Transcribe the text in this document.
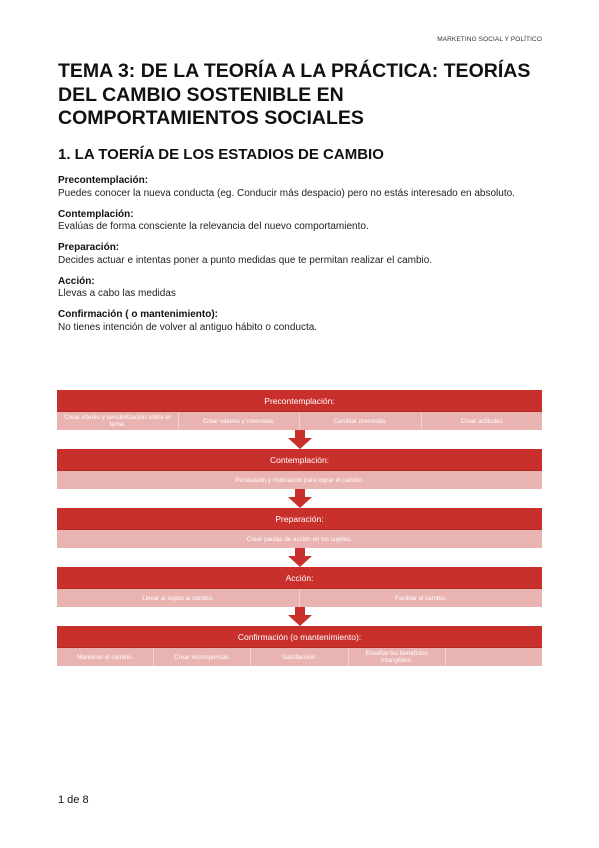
MARKETING SOCIAL Y POLÍTICO
TEMA 3: DE LA TEORÍA A LA PRÁCTICA: TEORÍAS DEL CAMBIO SOSTENIBLE EN COMPORTAMIENTOS SOCIALES
1. LA TOERÍA DE LOS ESTADIOS DE CAMBIO
Precontemplación:
Puedes conocer la nueva conducta (eg. Conducir más despacio) pero no estás interesado en absoluto.
Contemplación:
Evalúas de forma consciente la relevancia del nuevo comportamiento.
Preparación:
Decides actuar e intentas poner a punto medidas que te permitan realizar el cambio.
Acción:
Llevas a cabo las medidas
Confirmación ( o mantenimiento):
No tienes intención de volver al antiguo hábito o conducta.
Precontemplación:
Crear interés y sensibilización sobre el tema.	Crear valores y creencias.	Cambiar creencias.	Crear actitudes
Contemplación:
Persuasión y motivación para lograr el cambio.
Preparación:
Crear pautas de acción en los sujetos.
Acción:
Llevar al sujeto al cambio.	Facilitar el cambio.
Confirmación (o mantenimiento):
Mantener el cambio.	Crear recompensas.	Satisfacción.	Enseñar los beneficios intangibles.	.
1 de 8
